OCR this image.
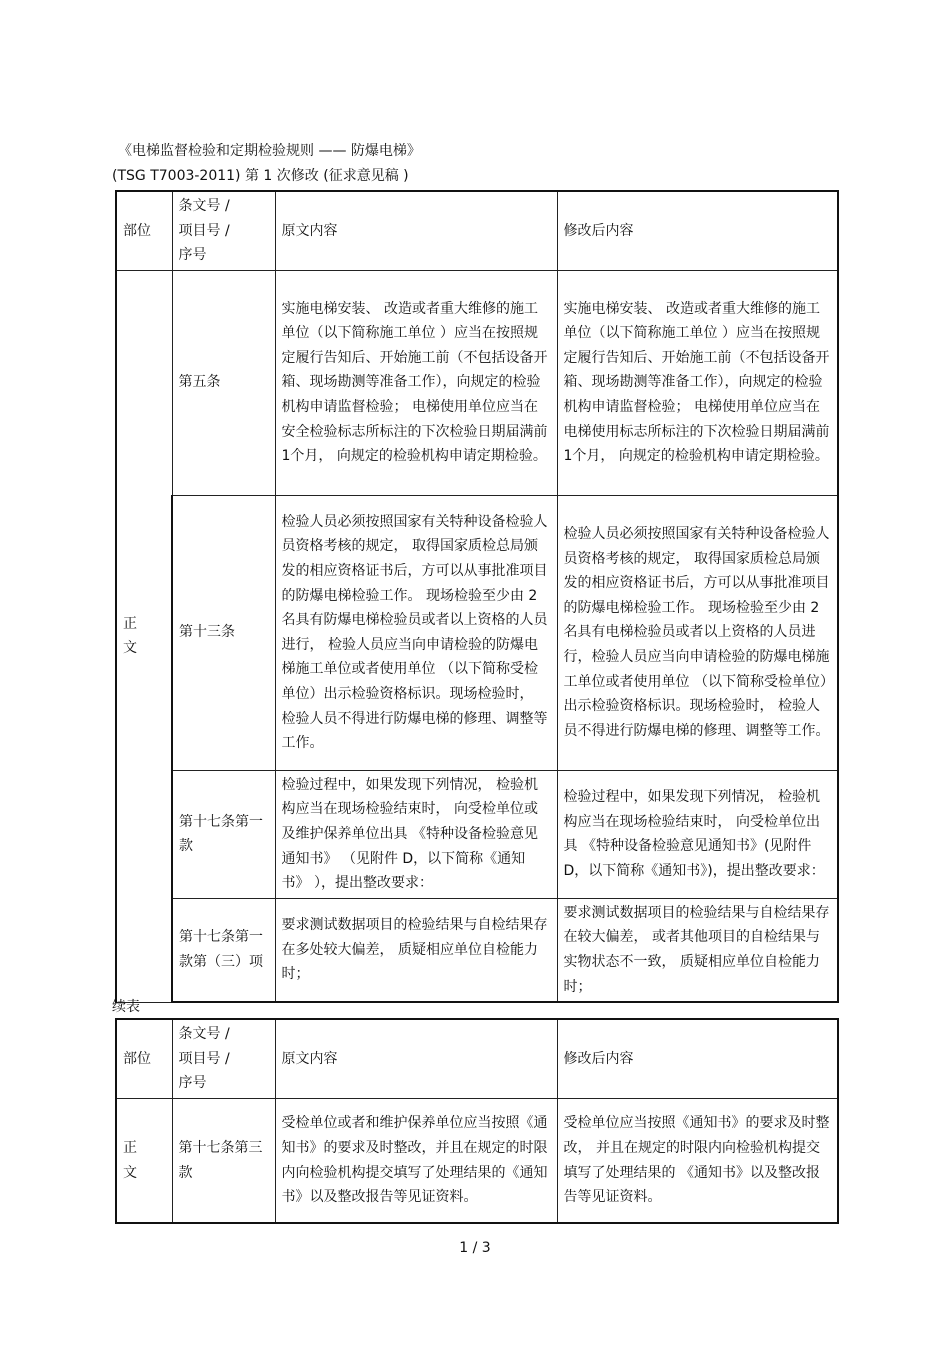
《电梯监督检验和定期检验规则 —— 防爆电梯》
(TSG T7003-2011) 第 1 次修改 (征求意见稿 )
部位	条文号 /
项目号 /
序号	原文内容	修改后内容

正
文	第五条	实施电梯安装、 改造或者重大维修的施工单位（以下简称施工单位 ）应当在按照规定履行告知后、开始施工前（不包括设备开箱、现场勘测等准备工作），向规定的检验机构申请监督检验； 电梯使用单位应当在安全检验标志所标注的下次检验日期届满前 1个月， 向规定的检验机构申请定期检验。	实施电梯安装、 改造或者重大维修的施工单位（以下简称施工单位 ）应当在按照规定履行告知后、开始施工前（不包括设备开箱、现场勘测等准备工作），向规定的检验机构申请监督检验； 电梯使用单位应当在电梯使用标志所标注的下次检验日期届满前 1个月， 向规定的检验机构申请定期检验。
	第十三条	检验人员必须按照国家有关特种设备检验人员资格考核的规定， 取得国家质检总局颁发的相应资格证书后，方可以从事批准项目的防爆电梯检验工作。 现场检验至少由 2 名具有防爆电梯检验员或者以上资格的人员进行， 检验人员应当向申请检验的防爆电梯施工单位或者使用单位 （以下简称受检单位）出示检验资格标识。现场检验时， 检验人员不得进行防爆电梯的修理、调整等工作。	检验人员必须按照国家有关特种设备检验人员资格考核的规定， 取得国家质检总局颁发的相应资格证书后，方可以从事批准项目的防爆电梯检验工作。 现场检验至少由 2 名具有电梯检验员或者以上资格的人员进行，检验人员应当向申请检验的防爆电梯施工单位或者使用单位 （以下简称受检单位）出示检验资格标识。现场检验时， 检验人员不得进行防爆电梯的修理、调整等工作。
	第十七条第一款	检验过程中，如果发现下列情况， 检验机构应当在现场检验结束时， 向受检单位或及维护保养单位出具 《特种设备检验意见通知书》 （见附件 D，以下简称《通知书》 ），提出整改要求：	检验过程中，如果发现下列情况， 检验机构应当在现场检验结束时， 向受检单位出具 《特种设备检验意见通知书》(见附件 D，以下简称《通知书》)，提出整改要求：
	第十七条第一款第（三）项	要求测试数据项目的检验结果与自检结果存在多处较大偏差， 质疑相应单位自检能力时；	要求测试数据项目的检验结果与自检结果存在较大偏差， 或者其他项目的自检结果与实物状态不一致， 质疑相应单位自检能力时；
续表
部位	条文号 /
项目号 /
序号	原文内容	修改后内容

正
文	第十七条第三款	受检单位或者和维护保养单位应当按照《通知书》的要求及时整改，并且在规定的时限内向检验机构提交填写了处理结果的《通知书》以及整改报告等见证资料。	受检单位应当按照《通知书》的要求及时整改， 并且在规定的时限内向检验机构提交填写了处理结果的 《通知书》以及整改报告等见证资料。
1 / 3
